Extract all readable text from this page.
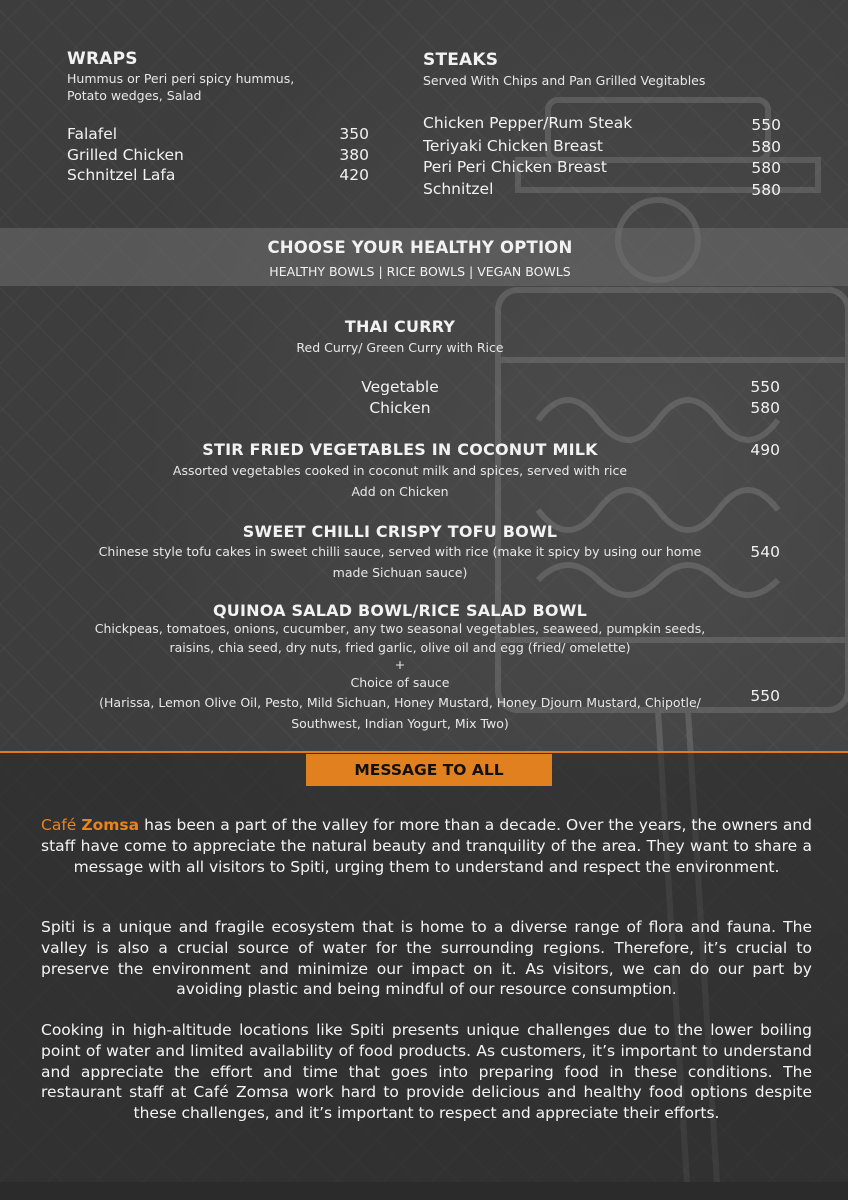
WRAPS
Hummus or Peri peri spicy hummus, Potato wedges, Salad
Falafel	350
Grilled Chicken	380
Schnitzel Lafa	420
STEAKS
Served With Chips and Pan Grilled Vegitables
Chicken Pepper/Rum Steak	550
Teriyaki Chicken Breast	580
Peri Peri Chicken Breast	580
Schnitzel	580
CHOOSE YOUR HEALTHY OPTION
HEALTHY BOWLS | RICE BOWLS | VEGAN BOWLS
THAI CURRY
Red Curry/ Green Curry with Rice
Vegetable	550
Chicken	580
STIR FRIED VEGETABLES IN COCONUT MILK	490
Assorted vegetables cooked in coconut milk and spices, served with rice
Add on Chicken
SWEET CHILLI CRISPY TOFU BOWL
Chinese style tofu cakes in sweet chilli sauce, served with rice (make it spicy by using our home made Sichuan sauce)
540
QUINOA SALAD BOWL/RICE SALAD BOWL
Chickpeas, tomatoes, onions, cucumber, any two seasonal vegetables, seaweed, pumpkin seeds, raisins, chia seed, dry nuts, fried garlic, olive oil and egg (fried/ omelette)
+
Choice of sauce
(Harissa, Lemon Olive Oil, Pesto, Mild Sichuan, Honey Mustard, Honey Djourn Mustard, Chipotle/ Southwest, Indian Yogurt, Mix Two)
550
MESSAGE TO ALL
Café Zomsa has been a part of the valley for more than a decade. Over the years, the owners and staff have come to appreciate the natural beauty and tranquility of the area. They want to share a message with all visitors to Spiti, urging them to understand and respect the environment.
Spiti is a unique and fragile ecosystem that is home to a diverse range of flora and fauna. The valley is also a crucial source of water for the surrounding regions. Therefore, it’s crucial to preserve the environment and minimize our impact on it. As visitors, we can do our part by avoiding plastic and being mindful of our resource consumption.
Cooking in high-altitude locations like Spiti presents unique challenges due to the lower boiling point of water and limited availability of food products. As customers, it’s important to understand and appreciate the effort and time that goes into preparing food in these conditions. The restaurant staff at Café Zomsa work hard to provide delicious and healthy food options despite these challenges, and it’s important to respect and appreciate their efforts.
